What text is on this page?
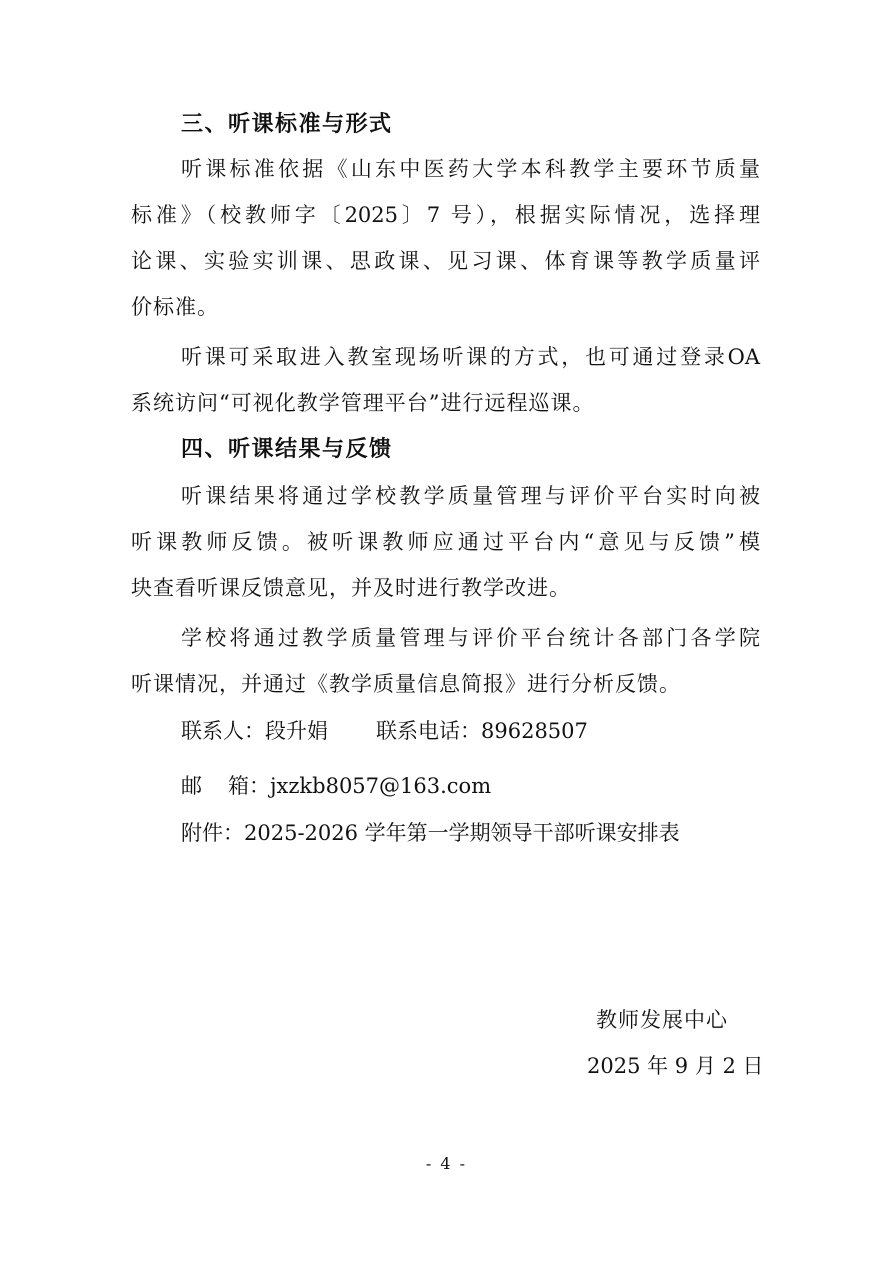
三、听课标准与形式
听课标准依据《山东中医药大学本科教学主要环节质量
标准》（校教师字〔2025〕7 号），根据实际情况，选择理
论课、实验实训课、思政课、见习课、体育课等教学质量评
价标准。
听课可采取进入教室现场听课的方式，也可通过登录OA
系统访问“可视化教学管理平台”进行远程巡课。
四、听课结果与反馈
听课结果将通过学校教学质量管理与评价平台实时向被
听课教师反馈。被听课教师应通过平台内“意见与反馈”模
块查看听课反馈意见，并及时进行教学改进。
学校将通过教学质量管理与评价平台统计各部门各学院
听课情况，并通过《教学质量信息简报》进行分析反馈。
联系人：段升娟 联系电话：89628507
邮 箱：jxzkb8057@163.com
附件：2025-2026 学年第一学期领导干部听课安排表
教师发展中心
2025 年 9 月 2 日
- 4 -
